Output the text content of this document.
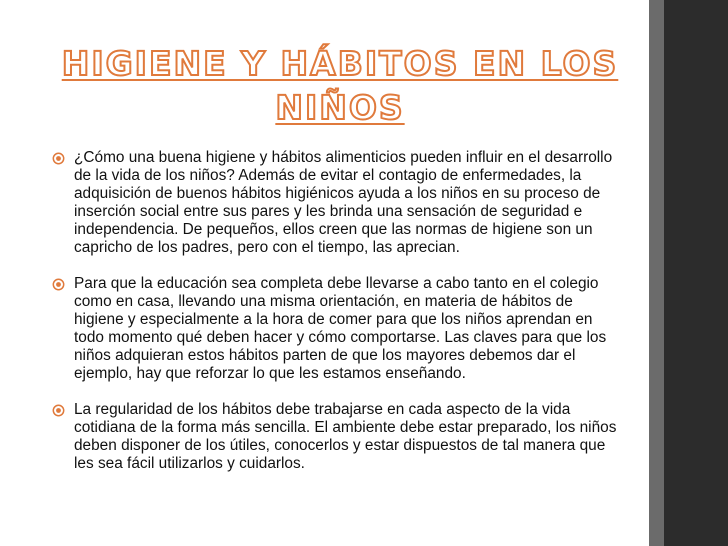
HIGIENE Y HÁBITOS EN LOS NIÑOS
¿Cómo una buena higiene y hábitos alimenticios pueden influir en el desarrollo de la vida de los niños? Además de evitar el contagio de enfermedades, la adquisición de buenos hábitos higiénicos ayuda a los niños en su proceso de inserción social entre sus pares y les brinda una sensación de seguridad e independencia. De pequeños, ellos creen que las normas de higiene son un capricho de los padres, pero con el tiempo, las aprecian.
Para que la educación sea completa debe llevarse a cabo tanto en el colegio como en casa, llevando una misma orientación, en materia de hábitos de higiene y especialmente a la hora de comer para que los niños aprendan en todo momento qué deben hacer y cómo comportarse. Las claves para que los niños adquieran estos hábitos parten de que los mayores debemos dar el ejemplo, hay que reforzar lo que les estamos enseñando.
La regularidad de los hábitos debe trabajarse en cada aspecto de la vida cotidiana de la forma más sencilla. El ambiente debe estar preparado, los niños deben disponer de los útiles, conocerlos y estar dispuestos de tal manera que les sea fácil utilizarlos y cuidarlos.
